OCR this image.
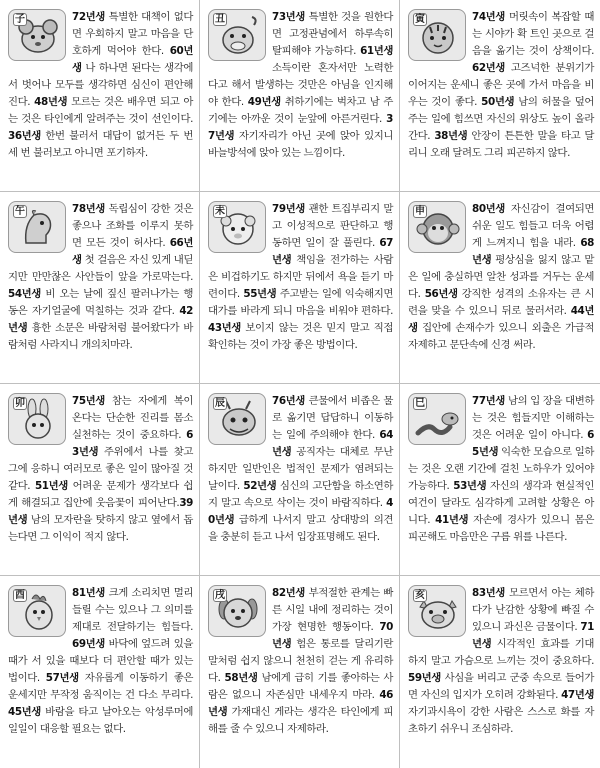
子	72년생 특별한 대책이 없다면 우회하지 말고 마음을 단호하게 먹어야 한다. 60년생 나 하나면 된다는 생각에서 벗어나 모두를 생각하면 심신이 편안해진다. 48년생 모르는 것은 배우면 되고 아는 것은 타인에게 알려주는 것이 선인이다. 36년생 한번 불러서 대답이 없거든 두 번 세 번 불러보고 아니면 포기하자.
丑	73년생 특별한 것을 원한다면 고정관념에서 하루속히 탈피해야 가능하다. 61년생 소득이란 혼자서만 노력한다고 해서 발생하는 것만은 아님을 인지해야 한다. 49년생 취하기에는 벅차고 남 주기에는 아까운 것이 눈앞에 아른거린다. 37년생 자기자리가 아닌 곳에 앉아 있지니 바늘방석에 앉아 있는 느낌이다.
寅	74년생 머릿속이 복잡할 때는 시야가 확 트인 곳으로 걸음을 옮기는 것이 상책이다. 62년생 고즈넉한 분위기가 이어지는 운세니 좋은 곳에 가서 마음을 비우는 것이 좋다. 50년생 남의 허물을 덮어주는 일에 힘쓰면 자신의 위상도 높이 올라간다. 38년생 안장이 튼튼한 말을 타고 달리니 오래 달려도 그리 피곤하지 않다.
午	78년생 독립심이 강한 것은 좋으나 조화를 이루지 못하면 모든 것이 허사다. 66년생 첫 걸음은 자신 있게 내딛지만 만만찮은 사안들이 앞을 가로막는다. 54년생 비 오는 날에 짚신 팔러나가는 행동은 자기얼굴에 먹칠하는 것과 같다. 42년생 흉한 소문은 바람처럼 불어왔다가 바람처럼 사라지니 개의치마라.
未	79년생 괜한 트집부리지 말고 이성적으로 판단하고 행동하면 일이 잘 풀린다. 67년생 책임을 전가하는 사람은 비겁하기도 하지만 뒤에서 욕을 듣기 마련이다. 55년생 주고받는 일에 익숙해지면 대가를 바라게 되니 마음을 비워야 편하다. 43년생 보이지 않는 것은 믿지 말고 직접 확인하는 것이 가장 좋은 방법이다.
申	80년생 자신감이 결여되면 쉬운 일도 힘들고 더욱 어렵게 느껴지니 힘을 내라. 68년생 평상심을 잃지 않고 맡은 일에 충실하면 알찬 성과를 거두는 운세다. 56년생 강직한 성격의 소유자는 큰 시련을 맞을 수 있으니 뒤로 물러서라. 44년생 집안에 손재수가 있으니 외출은 가급적 자제하고 문단속에 신경 써라.
卯	75년생 참는 자에게 복이 온다는 단순한 진리를 몸소 실천하는 것이 중요하다. 63년생 주위에서 나를 찾고 그에 응하니 여러모로 좋은 일이 많아질 것 같다. 51년생 어려운 문제가 생각보다 쉽게 해결되고 집안에 웃음꽃이 피어난다.39년생 남의 모자란을 탓하지 않고 옆에서 돕는다면 그 이익이 적지 않다.
辰	76년생 큰물에서 비좁은 물로 옮기면 답답하니 이동하는 일에 주의해야 한다. 64년생 공직자는 대체로 무난하지만 일반인은 법적인 문제가 염려되는 날이다. 52년생 심신의 고단함을 하소연하지 말고 속으로 삭이는 것이 바람직하다. 40년생 급하게 나서지 말고 상대방의 의견을 충분히 듣고 나서 입장표명해도 된다.
巳	77년생 남의 입 장을 대변하는 것은 힘들지만 이해하는 것은 어려운 일이 아니다. 65년생 익숙한 모습으로 일하는 것은 오랜 기간에 걸친 노하우가 있어야 가능하다. 53년생 자신의 생각과 현실적인 여건이 달라도 심각하게 고려할 상황은 아니다. 41년생 자손에 경사가 있으니 몸은 피곤해도 마음만은 구름 위를 나른다.
酉	81년생 크게 소리치면 멀리 들릴 수는 있으나 그 의미를 제대로 전달하기는 힘들다. 69년생 바닥에 엎드려 있을 때가 서 있을 때보다 더 편안할 때가 있는 법이다. 57년생 자유롭게 이동하기 좋은 운세지만 무작정 움직이는 건 다소 무리다. 45년생 바람을 타고 날아오는 악성루머에 일일이 대응할 필요는 없다.
戌	82년생 부적절한 관계는 빠른 시일 내에 정리하는 것이 가장 현명한 행동이다. 70년생 험은 통로를 달리기란 말처럼 쉽지 않으니 천천히 걷는 게 유리하다. 58년생 남에게 급히 기를 좋아하는 사람은 없으니 자존심만 내세우지 마라. 46년생 가재대신 게라는 생각은 타인에게 피해를 줄 수 있으니 자제하라.
亥	83년생 모르면서 아는 체하다가 난감한 상황에 빠질 수 있으니 과신은 금물이다. 71년생 시각적인 효과를 기대하지 말고 가슴으로 느끼는 것이 중요하다. 59년생 사심을 버리고 군중 속으로 들어가면 자신의 입지가 오히려 강화된다. 47년생 자기과시욕이 강한 사람은 스스로 화를 자초하기 쉬우니 조심하라.
